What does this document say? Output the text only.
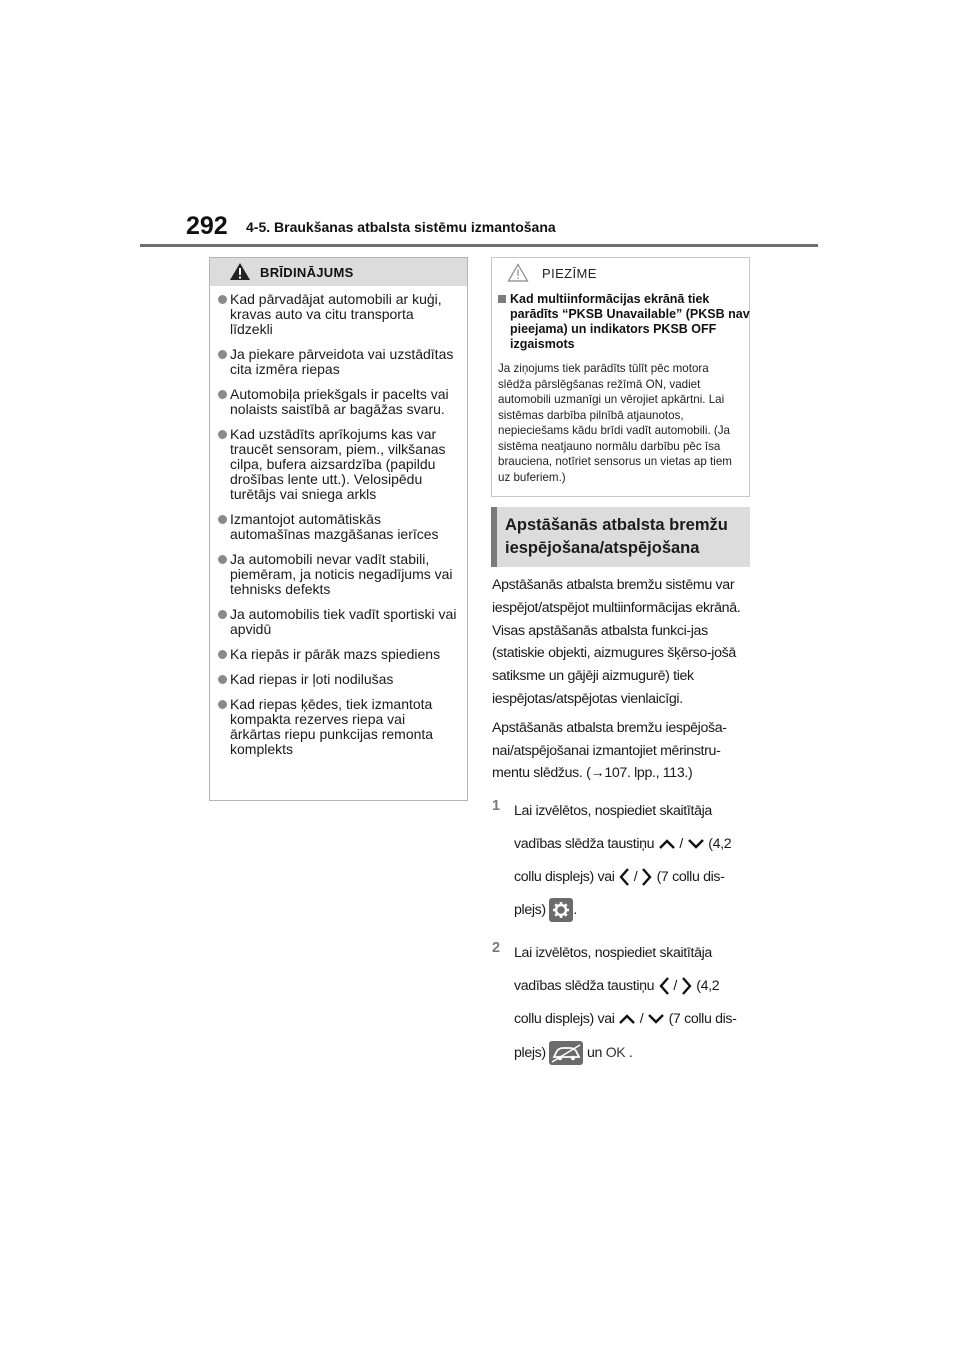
292 4-5. Braukšanas atbalsta sistēmu izmantošana
BRĪDINĀJUMS
Kad pārvadājat automobili ar kuģi, kravas auto va citu transporta līdzekli
Ja piekare pārveidota vai uzstādītas cita izmēra riepas
Automobiļa priekšgals ir pacelts vai nolaists saistībā ar bagāžas svaru.
Kad uzstādīts aprīkojums kas var traucēt sensoram, piem., vilkšanas cilpa, bufera aizsardzība (papildu drošības lente utt.). Velosipēdu turētājs vai sniega arkls
Izmantojot automātiskās automašīnas mazgāšanas ierīces
Ja automobili nevar vadīt stabili, piemēram, ja noticis negadījums vai tehnisks defekts
Ja automobilis tiek vadīt sportiski vai apvidū
Ka riepās ir pārāk mazs spiediens
Kad riepas ir ļoti nodilušas
Kad riepas ķēdes, tiek izmantota kompakta rezerves riepa vai ārkārtas riepu punkcijas remonta komplekts
PIEZĪME
Kad multiinformācijas ekrānā tiek parādīts “PKSB Unavailable” (PKSB nav pieejama) un indikators PKSB OFF izgaismots
Ja ziņojums tiek parādīts tūlīt pēc motora slēdža pārslēgšanas režīmā ON, vadiet automobili uzmanīgi un vērojiet apkārtni. Lai sistēmas darbība pilnībā atjaunotos, nepieciešams kādu brīdi vadīt automobili. (Ja sistēma neatjauno normālu darbību pēc īsa brauciena, notīriet sensorus un vietas ap tiem uz buferiem.)
Apstāšanās atbalsta bremžu iespējošana/atspējošana

Apstāšanās atbalsta bremžu sistēmu var iespējot/atspējot multiinformācijas ekrānā. Visas apstāšanās atbalsta funkci-jas (statiskie objekti, aizmugures šķērso-jošā satiksme un gājēji aizmugurē) tiek iespējotas/atspējotas vienlaicīgi.

Apstāšanās atbalsta bremžu iespējoša-nai/atspējošanai izmantojiet mērinstru-mentu slēdžus. (→107. lpp., 113.)

1 Lai izvēlētos, nospiediet skaitītāja
vadības slēdža taustiņu / (4,2
collu displejs) vai / (7 collu dis-
plejs) .
2 Lai izvēlētos, nospiediet skaitītāja
vadības slēdža taustiņu / (4,2
collu displejs) vai / (7 collu dis-
plejs)	un OK .
